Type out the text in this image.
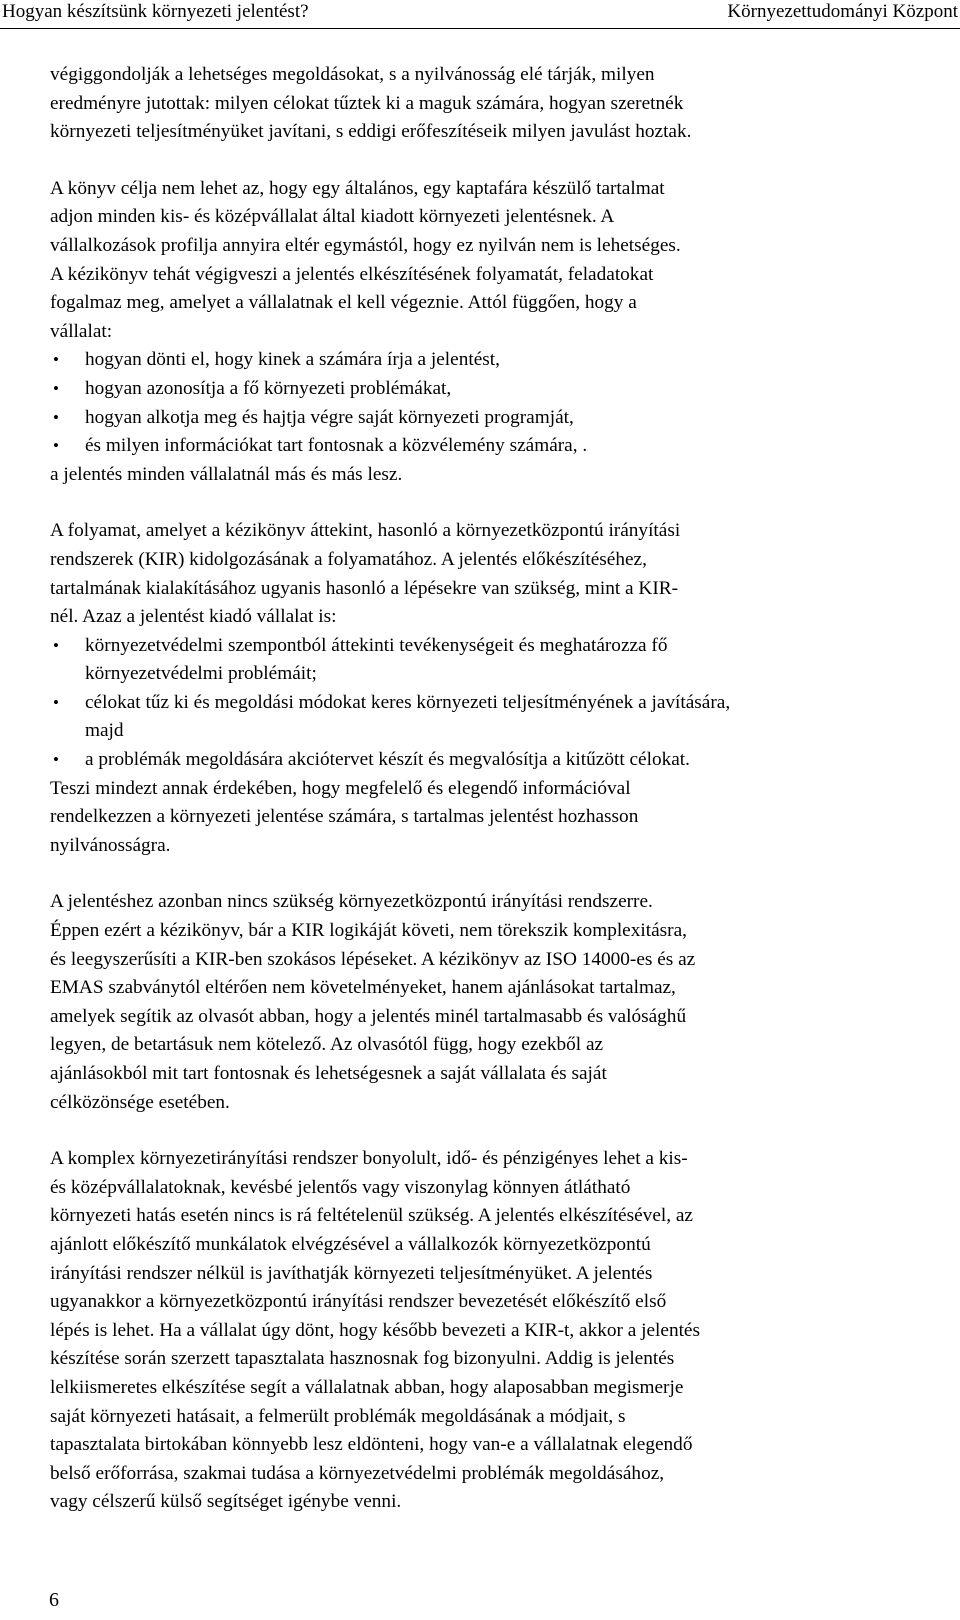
Hogyan készítsünk környezeti jelentést?	Környezettudományi Központ
végiggondolják a lehetséges megoldásokat, s a nyilvánosság elé tárják, milyen
eredményre jutottak: milyen célokat tűztek ki a maguk számára, hogyan szeretnék
környezeti teljesítményüket javítani, s eddigi erőfeszítéseik milyen javulást hoztak.
A könyv célja nem lehet az, hogy egy általános, egy kaptafára készülő tartalmat
adjon minden kis- és középvállalat által kiadott környezeti jelentésnek. A
vállalkozások profilja annyira eltér egymástól, hogy ez nyilván nem is lehetséges.
A kézikönyv tehát végigveszi a jelentés elkészítésének folyamatát, feladatokat
fogalmaz meg, amelyet a vállalatnak el kell végeznie. Attól függően, hogy a
vállalat:
• hogyan dönti el, hogy kinek a számára írja a jelentést,
• hogyan azonosítja a fő környezeti problémákat,
• hogyan alkotja meg és hajtja végre saját környezeti programját,
• és milyen információkat tart fontosnak a közvélemény számára, .
a jelentés minden vállalatnál más és más lesz.
A folyamat, amelyet a kézikönyv áttekint, hasonló a környezetközpontú irányítási
rendszerek (KIR) kidolgozásának a folyamatához. A jelentés előkészítéséhez,
tartalmának kialakításához ugyanis hasonló a lépésekre van szükség, mint a KIR-
nél. Azaz a jelentést kiadó vállalat is:
• környezetvédelmi szempontból áttekinti tevékenységeit és meghatározza fő
környezetvédelmi problémáit;
• célokat tűz ki és megoldási módokat keres környezeti teljesítményének a javítására,
majd
• a problémák megoldására akciótervet készít és megvalósítja a kitűzött célokat.
Teszi mindezt annak érdekében, hogy megfelelő és elegendő információval
rendelkezzen a környezeti jelentése számára, s tartalmas jelentést hozhasson
nyilvánosságra.
A jelentéshez azonban nincs szükség környezetközpontú irányítási rendszerre.
Éppen ezért a kézikönyv, bár a KIR logikáját követi, nem törekszik komplexitásra,
és leegyszerűsíti a KIR-ben szokásos lépéseket. A kézikönyv az ISO 14000-es és az
EMAS szabványtól eltérően nem követelményeket, hanem ajánlásokat tartalmaz,
amelyek segítik az olvasót abban, hogy a jelentés minél tartalmasabb és valósághű
legyen, de betartásuk nem kötelező. Az olvasótól függ, hogy ezekből az
ajánlásokból mit tart fontosnak és lehetségesnek a saját vállalata és saját
célközönsége esetében.
A komplex környezetirányítási rendszer bonyolult, idő- és pénzigényes lehet a kis-
és középvállalatoknak, kevésbé jelentős vagy viszonylag könnyen átlátható
környezeti hatás esetén nincs is rá feltételenül szükség. A jelentés elkészítésével, az
ajánlott előkészítő munkálatok elvégzésével a vállalkozók környezetközpontú
irányítási rendszer nélkül is javíthatják környezeti teljesítményüket. A jelentés
ugyanakkor a környezetközpontú irányítási rendszer bevezetését előkészítő első
lépés is lehet. Ha a vállalat úgy dönt, hogy később bevezeti a KIR-t, akkor a jelentés
készítése során szerzett tapasztalata hasznosnak fog bizonyulni. Addig is jelentés
lelkiismeretes elkészítése segít a vállalatnak abban, hogy alaposabban megismerje
saját környezeti hatásait, a felmerült problémák megoldásának a módjait, s
tapasztalata birtokában könnyebb lesz eldönteni, hogy van-e a vállalatnak elegendő
belső erőforrása, szakmai tudása a környezetvédelmi problémák megoldásához,
vagy célszerű külső segítséget igénybe venni.
6
